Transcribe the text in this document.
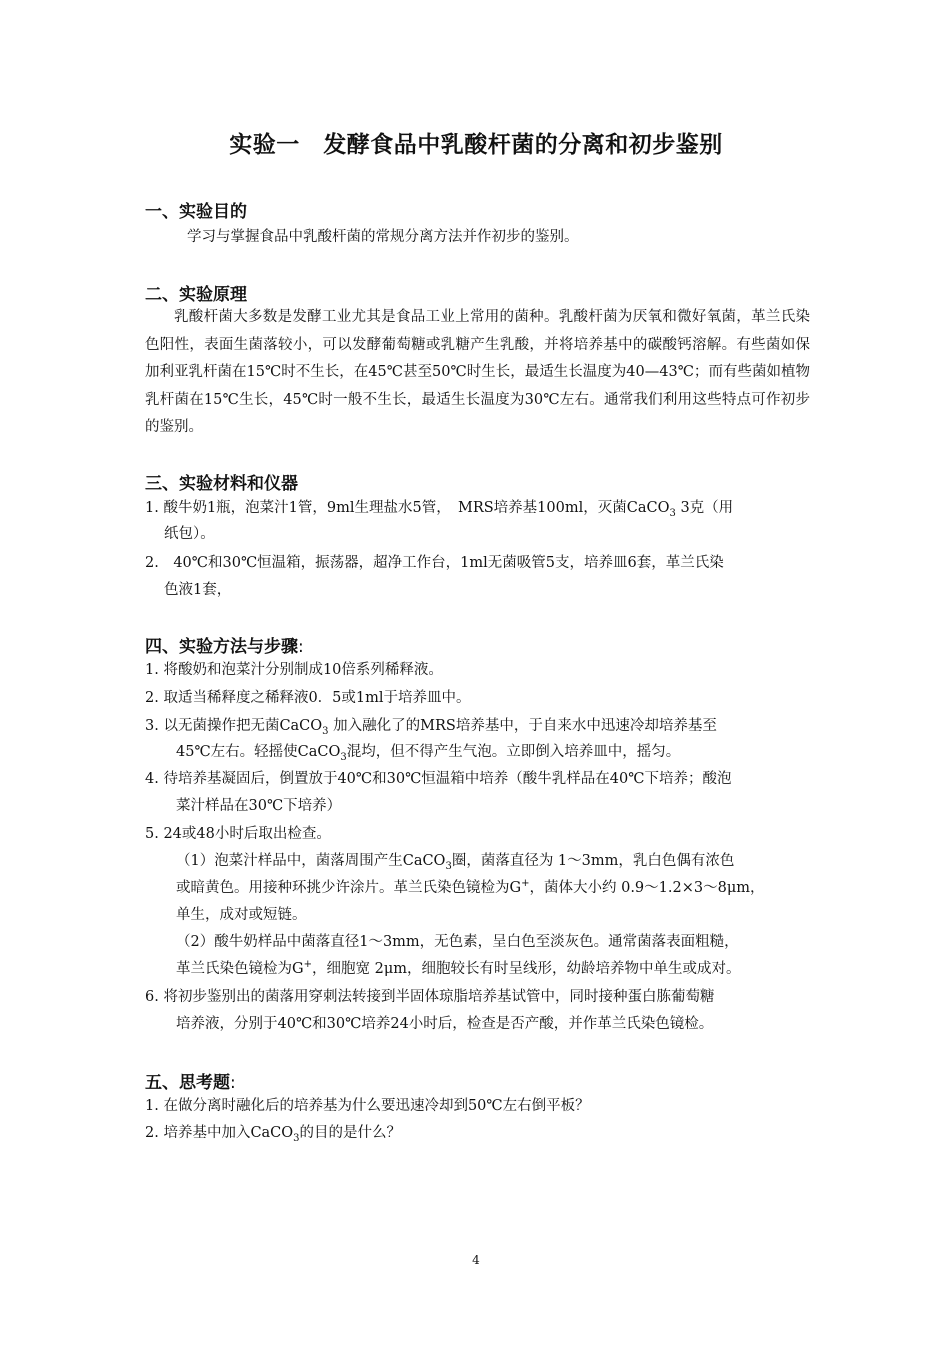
实验一　发酵食品中乳酸杆菌的分离和初步鉴别
一、实验目的
学习与掌握食品中乳酸杆菌的常规分离方法并作初步的鉴别。
二、实验原理
乳酸杆菌大多数是发酵工业尤其是食品工业上常用的菌种。乳酸杆菌为厌氧和微好氧菌，革兰氏染色阳性，表面生菌落较小，可以发酵葡萄糖或乳糖产生乳酸，并将培养基中的碳酸钙溶解。有些菌如保加利亚乳杆菌在15℃时不生长，在45℃甚至50℃时生长，最适生长温度为40—43℃；而有些菌如植物乳杆菌在15℃生长，45℃时一般不生长，最适生长温度为30℃左右。通常我们利用这些特点可作初步的鉴别。
三、实验材料和仪器
1. 酸牛奶1瓶，泡菜汁1管，9ml生理盐水5管，　MRS培养基100ml，灭菌CaCO$_3$ 3克（用
纸包）。
2.　40℃和30℃恒温箱，振荡器，超净工作台，1ml无菌吸管5支，培养皿6套，革兰氏染
色液1套，
四、实验方法与步骤:
1. 将酸奶和泡菜汁分别制成10倍系列稀释液。
2. 取适当稀释度之稀释液0．5或1ml于培养皿中。
3. 以无菌操作把无菌CaCO$_3$ 加入融化了的MRS培养基中，于自来水中迅速冷却培养基至
45℃左右。轻摇使CaCO$_3$混均，但不得产生气泡。立即倒入培养皿中，摇匀。
4. 待培养基凝固后，倒置放于40℃和30℃恒温箱中培养（酸牛乳样品在40℃下培养；酸泡
菜汁样品在30℃下培养）
5. 24或48小时后取出检查。
（1）泡菜汁样品中，菌落周围产生CaCO$_3$圈，菌落直径为 1～3mm，乳白色偶有浓色
或暗黄色。用接种环挑少许涂片。革兰氏染色镜检为G+，菌体大小约 0.9～1.2×3～8μm，
单生，成对或短链。
（2）酸牛奶样品中菌落直径1～3mm，无色素，呈白色至淡灰色。通常菌落表面粗糙，
革兰氏染色镜检为G+，细胞宽 2μm，细胞较长有时呈线形，幼龄培养物中单生或成对。
6. 将初步鉴别出的菌落用穿刺法转接到半固体琼脂培养基试管中，同时接种蛋白胨葡萄糖
培养液，分别于40℃和30℃培养24小时后，检查是否产酸，并作革兰氏染色镜检。
五、思考题:
1. 在做分离时融化后的培养基为什么要迅速冷却到50℃左右倒平板？
2. 培养基中加入CaCO$_3$的目的是什么？
4
